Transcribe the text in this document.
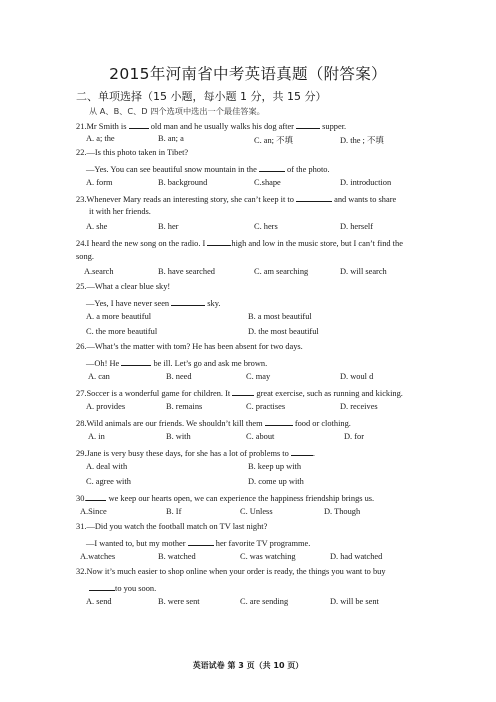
2015年河南省中考英语真题（附答案）
二、单项选择（15 小题，每小题 1 分，共 15 分）
从 A、B、C、D 四个选项中选出一个最佳答案。
21.Mr Smith is  old man and he usually walks his dog after	supper.
A. a; the	B. an; a	C. an; 不填	D. the ; 不填
22.—Is this photo taken in Tibet?
—Yes. You can see beautiful snow mountain in the	of the photo.
A. form	B. background	C.shape	D. introduction
23.Whenever Mary reads an interesting story, she can’t keep it to	and wants to share
it with her friends.
A. she	B. her	C. hers	D. herself
24.I heard the new song on the radio. I	high and low in the music store, but I can’t find the
song.
A.search	B. have searched	C. am searching	D. will search
25.—What a clear blue sky!
—Yes, I have never seen	sky.
A. a more beautiful	B. a most beautiful
C. the more beautiful	D. the most beautiful
26.—What’s the matter with tom? He has been absent for two days.
—Oh! He	be ill. Let’s go and ask me brown.
A. can	B. need	C. may	D. woul d
27.Soccer is a wonderful game for children. It	great exercise, such as running and kicking.
A. provides	B. remains	C. practises	D. receives
28.Wild animals are our friends. We shouldn’t kill them	food or clothing.
A. in	B. with	C. about	D. for
29.Jane is very busy these days, for she has a lot of problems to	.
A. deal with	B. keep up with
C. agree with	D. come up with
30. we keep our hearts open, we can experience the happiness friendship brings us.
A.Since	B. If	C. Unless	D. Though
31.—Did you watch the football match on TV last night?
—I wanted to, but my mother	her favorite TV programme.
A.watches	B. watched	C. was watching	D. had watched
32.Now it’s much easier to shop online when your order is ready, the things you want to buy
to you soon.
A. send	B. were sent	C. are sending	D. will be sent
英语试卷 第 3 页（共 10 页）
